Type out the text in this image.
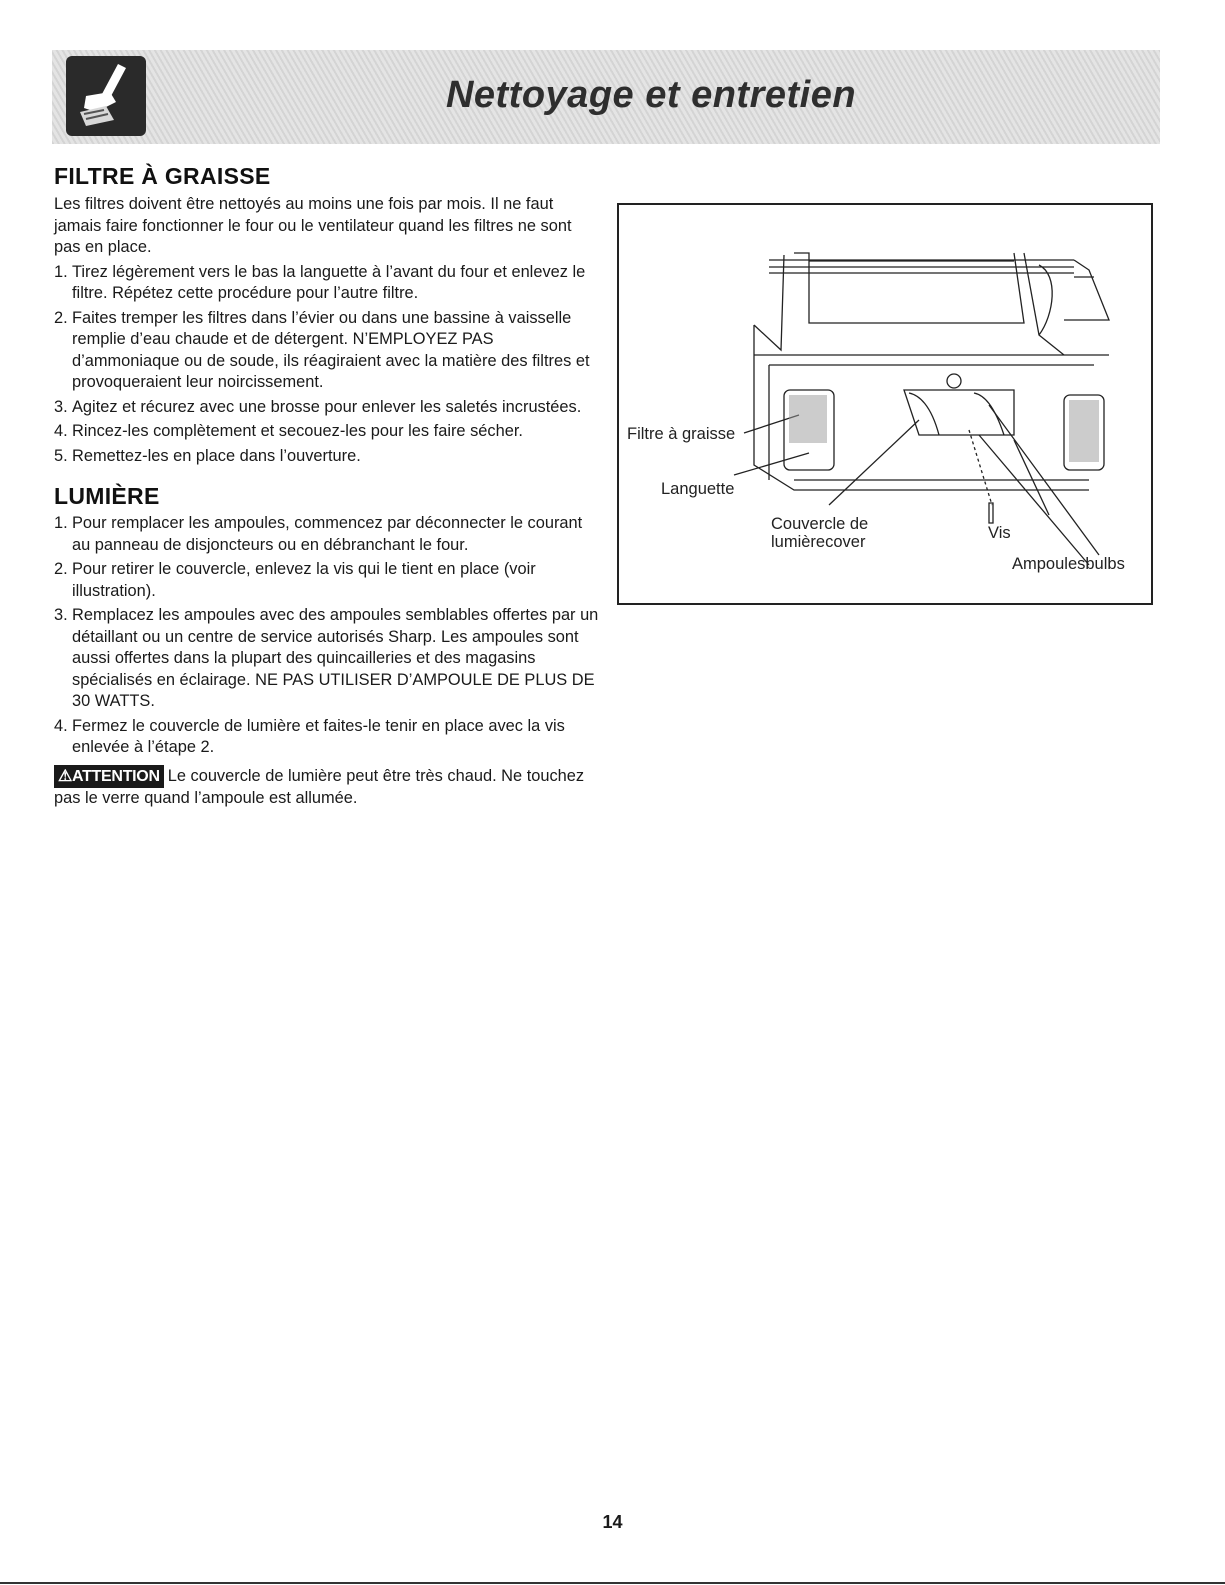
Nettoyage et entretien
FILTRE À GRAISSE

Les filtres doivent être nettoyés au moins une fois par mois. Il ne faut jamais faire fonctionner le four ou le ventilateur quand les filtres ne sont pas en place.

1. Tirez légèrement vers le bas la languette à l’avant du four et enlevez le filtre. Répétez cette procédure pour l’autre filtre.
2. Faites tremper les filtres dans l’évier ou dans une bassine à vaisselle remplie d’eau chaude et de détergent. N’EMPLOYEZ PAS d’ammoniaque ou de soude, ils réagiraient avec la matière des filtres et provoqueraient leur noircissement.
3. Agitez et récurez avec une brosse pour enlever les saletés incrustées.
4. Rincez-les complètement et secouez-les pour les faire sécher.
5. Remettez-les en place dans l’ouverture.
LUMIÈRE
1. Pour remplacer les ampoules, commencez par déconnecter le courant au panneau de disjoncteurs ou en débranchant le four.
2. Pour retirer le couvercle, enlevez la vis qui le tient en place (voir illustration).
3. Remplacez les ampoules avec des ampoules semblables offertes par un détaillant ou un centre de service autorisés Sharp. Les ampoules sont aussi offertes dans la plupart des quincailleries et des magasins spécialisés en éclairage. NE PAS UTILISER D’AMPOULE DE PLUS DE 30 WATTS.
4. Fermez le couvercle de lumière et faites-le tenir en place avec la vis enlevée à l’étape 2.

⚠ATTENTION Le couvercle de lumière peut être très chaud. Ne touchez pas le verre quand l’ampoule est allumée.

Filtre à graisse
Languette
Couvercle de
lumièrecover	Vis
Ampoulesbulbs
14
